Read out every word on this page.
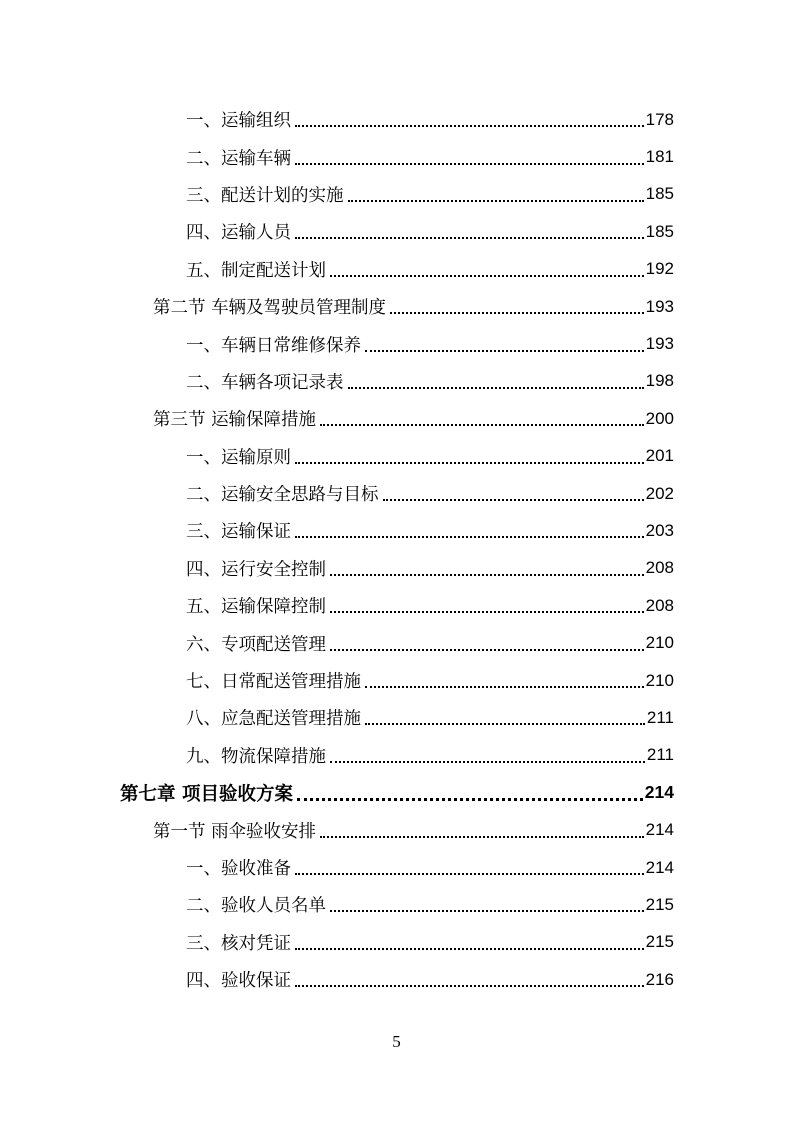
一、运输组织	178
二、运输车辆	181
三、配送计划的实施	185
四、运输人员	185
五、制定配送计划	192
第二节 车辆及驾驶员管理制度	193
一、车辆日常维修保养	193
二、车辆各项记录表	198
第三节 运输保障措施	200
一、运输原则	201
二、运输安全思路与目标	202
三、运输保证	203
四、运行安全控制	208
五、运输保障控制	208
六、专项配送管理	210
七、日常配送管理措施	210
八、应急配送管理措施	211
九、物流保障措施	211
第七章 项目验收方案	214
第一节 雨伞验收安排	214
一、验收准备	214
二、验收人员名单	215
三、核对凭证	215
四、验收保证	216
5
